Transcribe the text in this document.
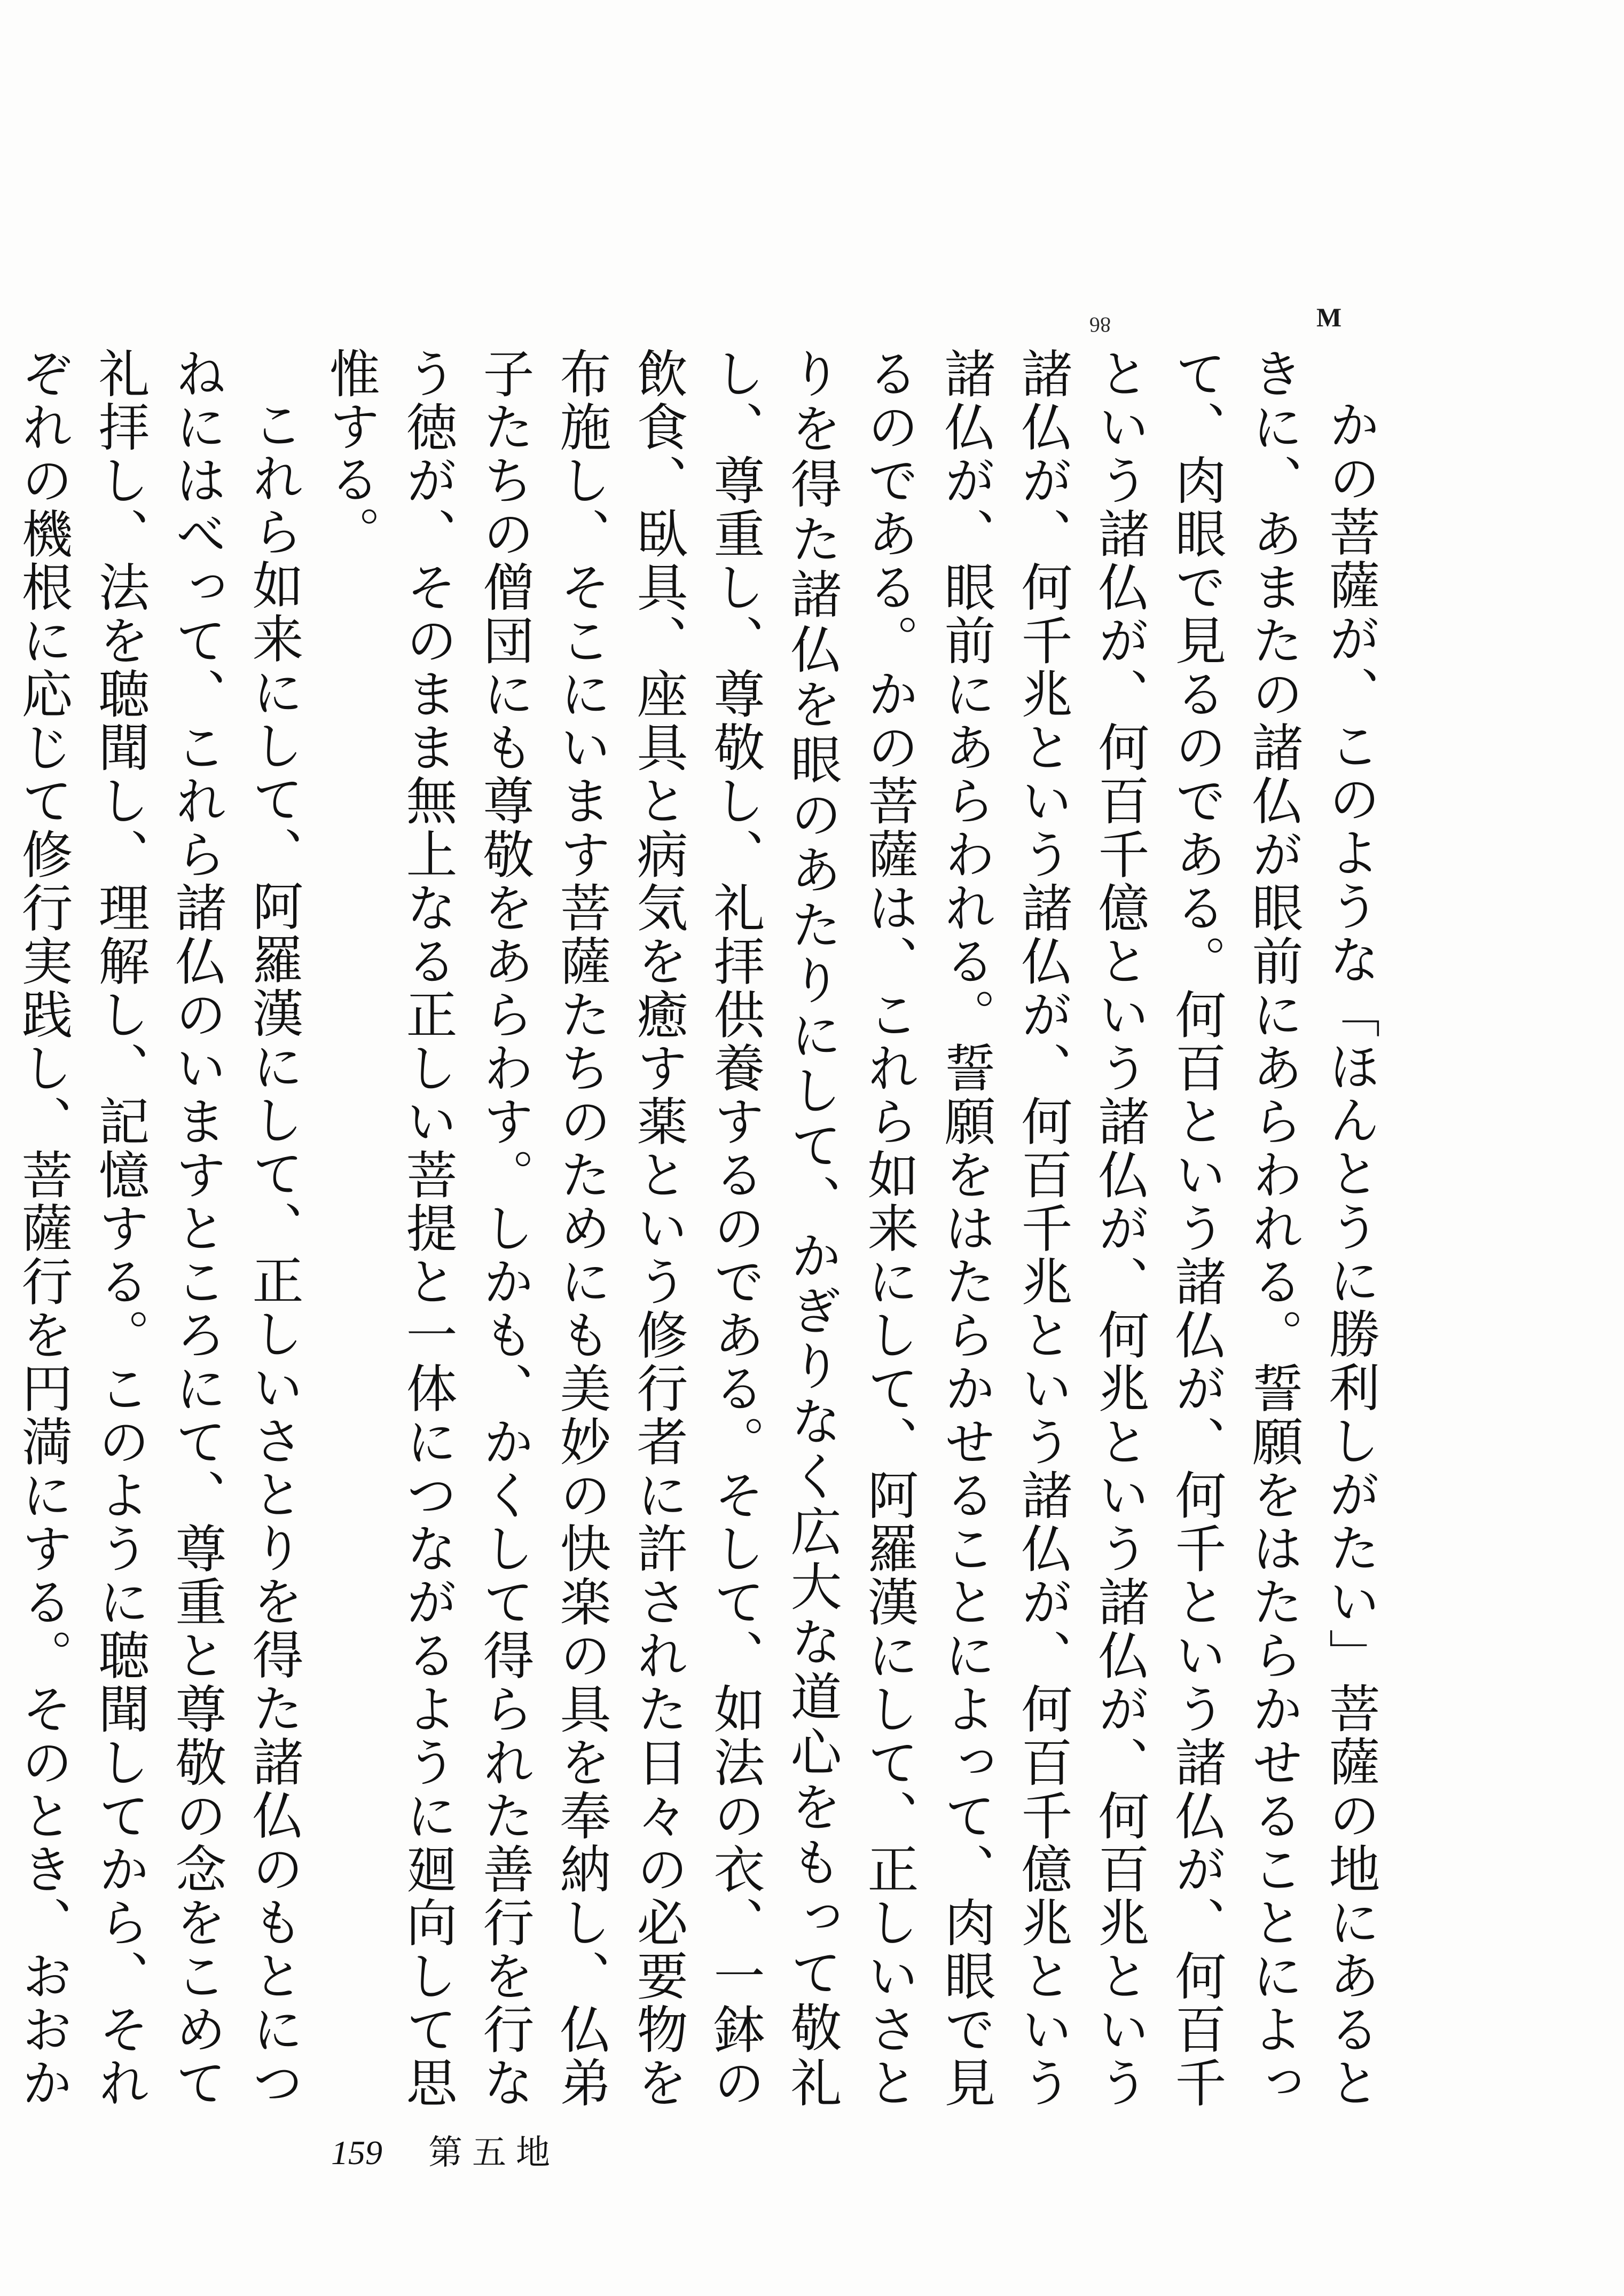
M
86

かの菩薩が、このような「ほんとうに勝利しがたい」菩薩の地にあるときに、あまたの諸仏が眼前にあらわれる。誓願をはたらかせることによって、肉眼で見るのである。何百という諸仏が、何千という諸仏が、何百千という諸仏が、何百千億という諸仏が、何兆という諸仏が、何百兆という諸仏が、何千兆という諸仏が、何百千兆という諸仏が、何百千億兆という諸仏が、眼前にあらわれる。誓願をはたらかせることによって、肉眼で見るのである。かの菩薩は、これら如来にして、阿羅漢にして、正しいさとりを得た諸仏を眼のあたりにして、かぎりなく広大な道心をもって敬礼し、尊重し、尊敬し、礼拝供養するのである。そして、如法の衣、一鉢の飲食、臥具、座具と病気を癒す薬という修行者に許された日々の必要物を布施し、そこにいます菩薩たちのためにも美妙の快楽の具を奉納し、仏弟子たちの僧団にも尊敬をあらわす。しかも、かくして得られた善行を行なう徳が、そのまま無上なる正しい菩提と一体につながるように廻向して思惟する。

これら如来にして、阿羅漢にして、正しいさとりを得た諸仏のもとにつねにはべって、これら諸仏のいますところにて、尊重と尊敬の念をこめて礼拝し、法を聴聞し、理解し、記憶する。このように聴聞してから、それぞれの機根に応じて修行実践し、菩薩行を円満にする。そのとき、おおか

159 第五地
